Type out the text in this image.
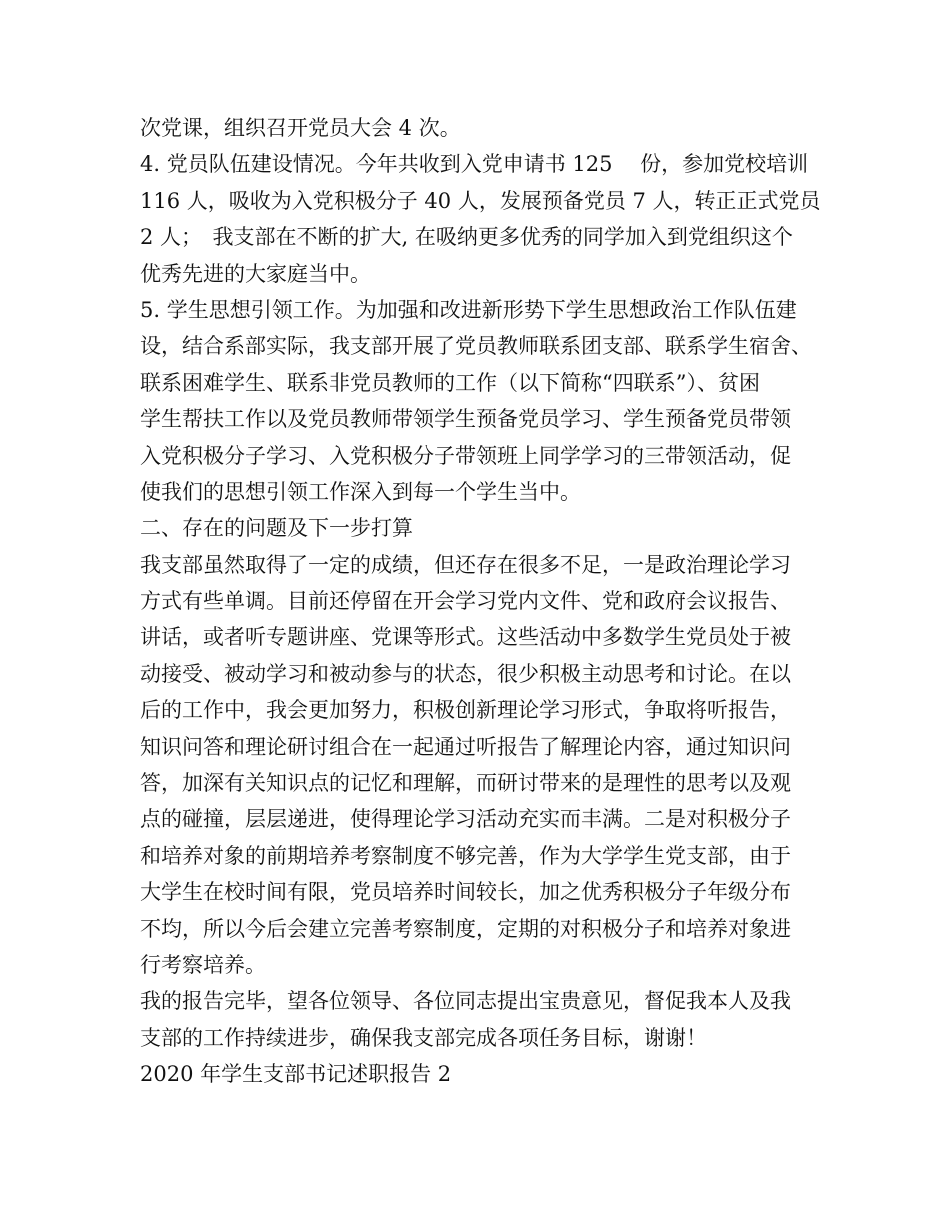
次党课，组织召开党员大会 4 次。
4. 党员队伍建设情况。今年共收到入党申请书 125　 份，参加党校培训
116 人，吸收为入党积极分子 40 人，发展预备党员 7 人，转正正式党员
2 人；　我支部在不断的扩大, 在吸纳更多优秀的同学加入到党组织这个
优秀先进的大家庭当中。
5. 学生思想引领工作。为加强和改进新形势下学生思想政治工作队伍建
设，结合系部实际，我支部开展了党员教师联系团支部、联系学生宿舍、
联系困难学生、联系非党员教师的工作（以下简称“四联系”）、贫困
学生帮扶工作以及党员教师带领学生预备党员学习、学生预备党员带领
入党积极分子学习、入党积极分子带领班上同学学习的三带领活动，促
使我们的思想引领工作深入到每一个学生当中。
二、存在的问题及下一步打算
我支部虽然取得了一定的成绩，但还存在很多不足，一是政治理论学习
方式有些单调。目前还停留在开会学习党内文件、党和政府会议报告、
讲话，或者听专题讲座、党课等形式。这些活动中多数学生党员处于被
动接受、被动学习和被动参与的状态，很少积极主动思考和讨论。在以
后的工作中，我会更加努力，积极创新理论学习形式，争取将听报告，
知识问答和理论研讨组合在一起通过听报告了解理论内容，通过知识问
答，加深有关知识点的记忆和理解，而研讨带来的是理性的思考以及观
点的碰撞，层层递进，使得理论学习活动充实而丰满。二是对积极分子
和培养对象的前期培养考察制度不够完善，作为大学学生党支部，由于
大学生在校时间有限，党员培养时间较长，加之优秀积极分子年级分布
不均，所以今后会建立完善考察制度，定期的对积极分子和培养对象进
行考察培养。
我的报告完毕，望各位领导、各位同志提出宝贵意见，督促我本人及我
支部的工作持续进步，确保我支部完成各项任务目标，谢谢！
2020 年学生支部书记述职报告 2
